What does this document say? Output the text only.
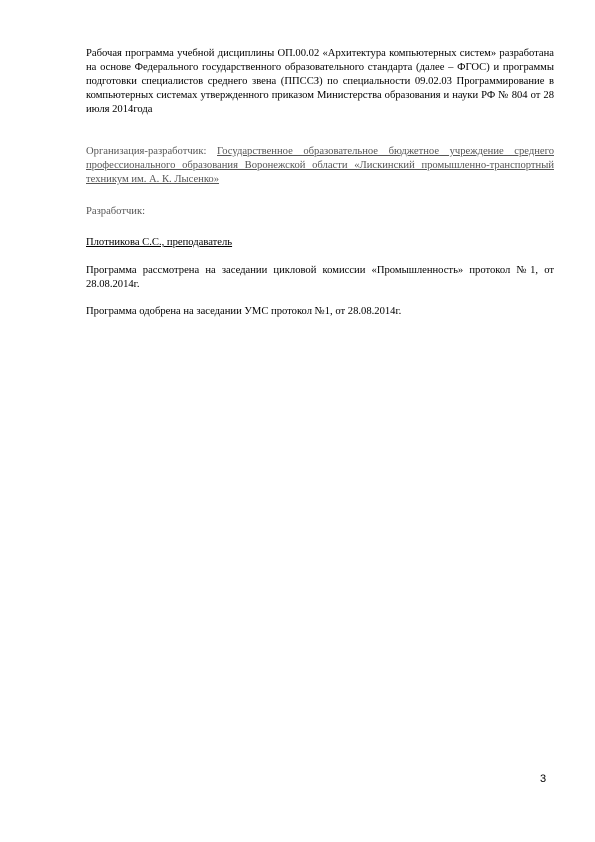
Рабочая программа учебной дисциплины ОП.00.02 «Архитектура компьютерных систем» разработана на основе Федерального государственного образовательного стандарта (далее – ФГОС) и программы подготовки специалистов среднего звена (ППССЗ) по специальности 09.02.03 Программирование в компьютерных системах утвержденного приказом Министерства образования и науки РФ № 804 от 28 июля 2014года
Организация-разработчик: Государственное образовательное бюджетное учреждение среднего профессионального образования Воронежской области «Лискинский промышленно-транспортный техникум им. А. К. Лысенко»
Разработчик:
Плотникова С.С., преподаватель
Программа рассмотрена на заседании цикловой комиссии «Промышленность» протокол №1, от 28.08.2014г.
Программа одобрена на заседании УМС протокол №1, от 28.08.2014г.
3
